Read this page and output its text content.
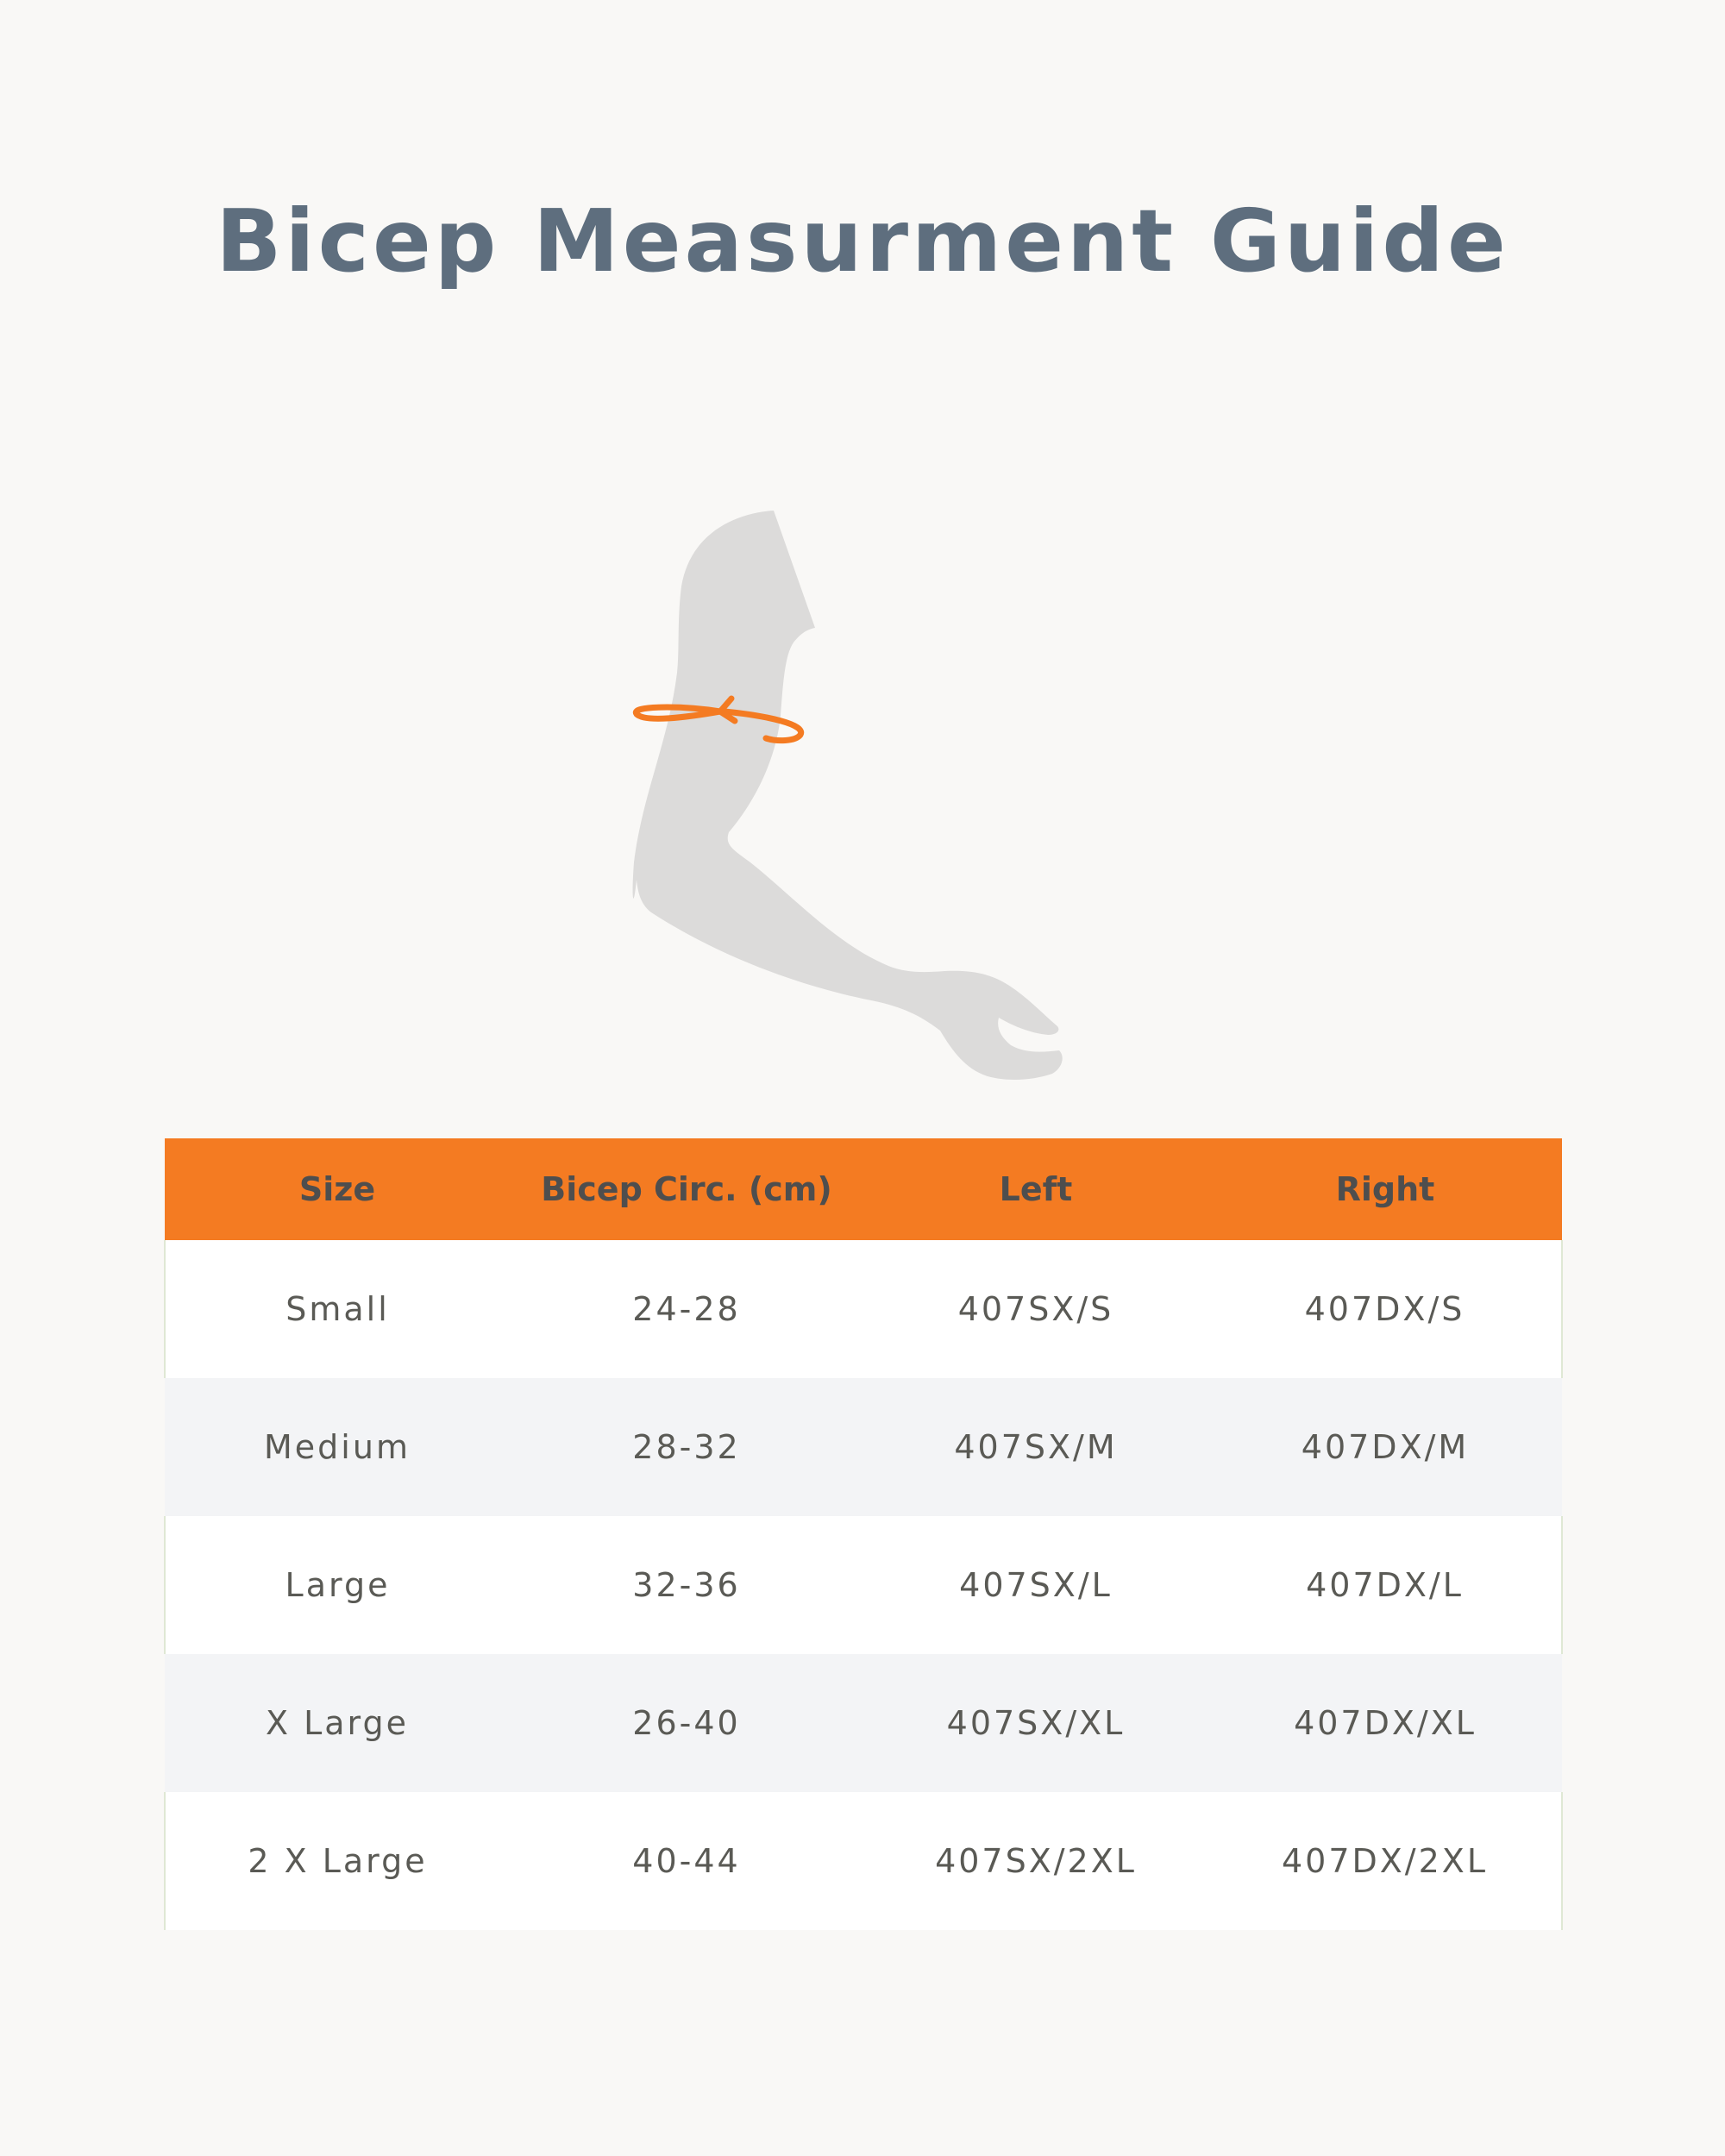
Bicep Measurment Guide
Size	Bicep Circ. (cm)	Left	Right
Small	24-28	407SX/S	407DX/S
Medium	28-32	407SX/M	407DX/M
Large	32-36	407SX/L	407DX/L
X Large	26-40	407SX/XL	407DX/XL
2 X Large	40-44	407SX/2XL	407DX/2XL
